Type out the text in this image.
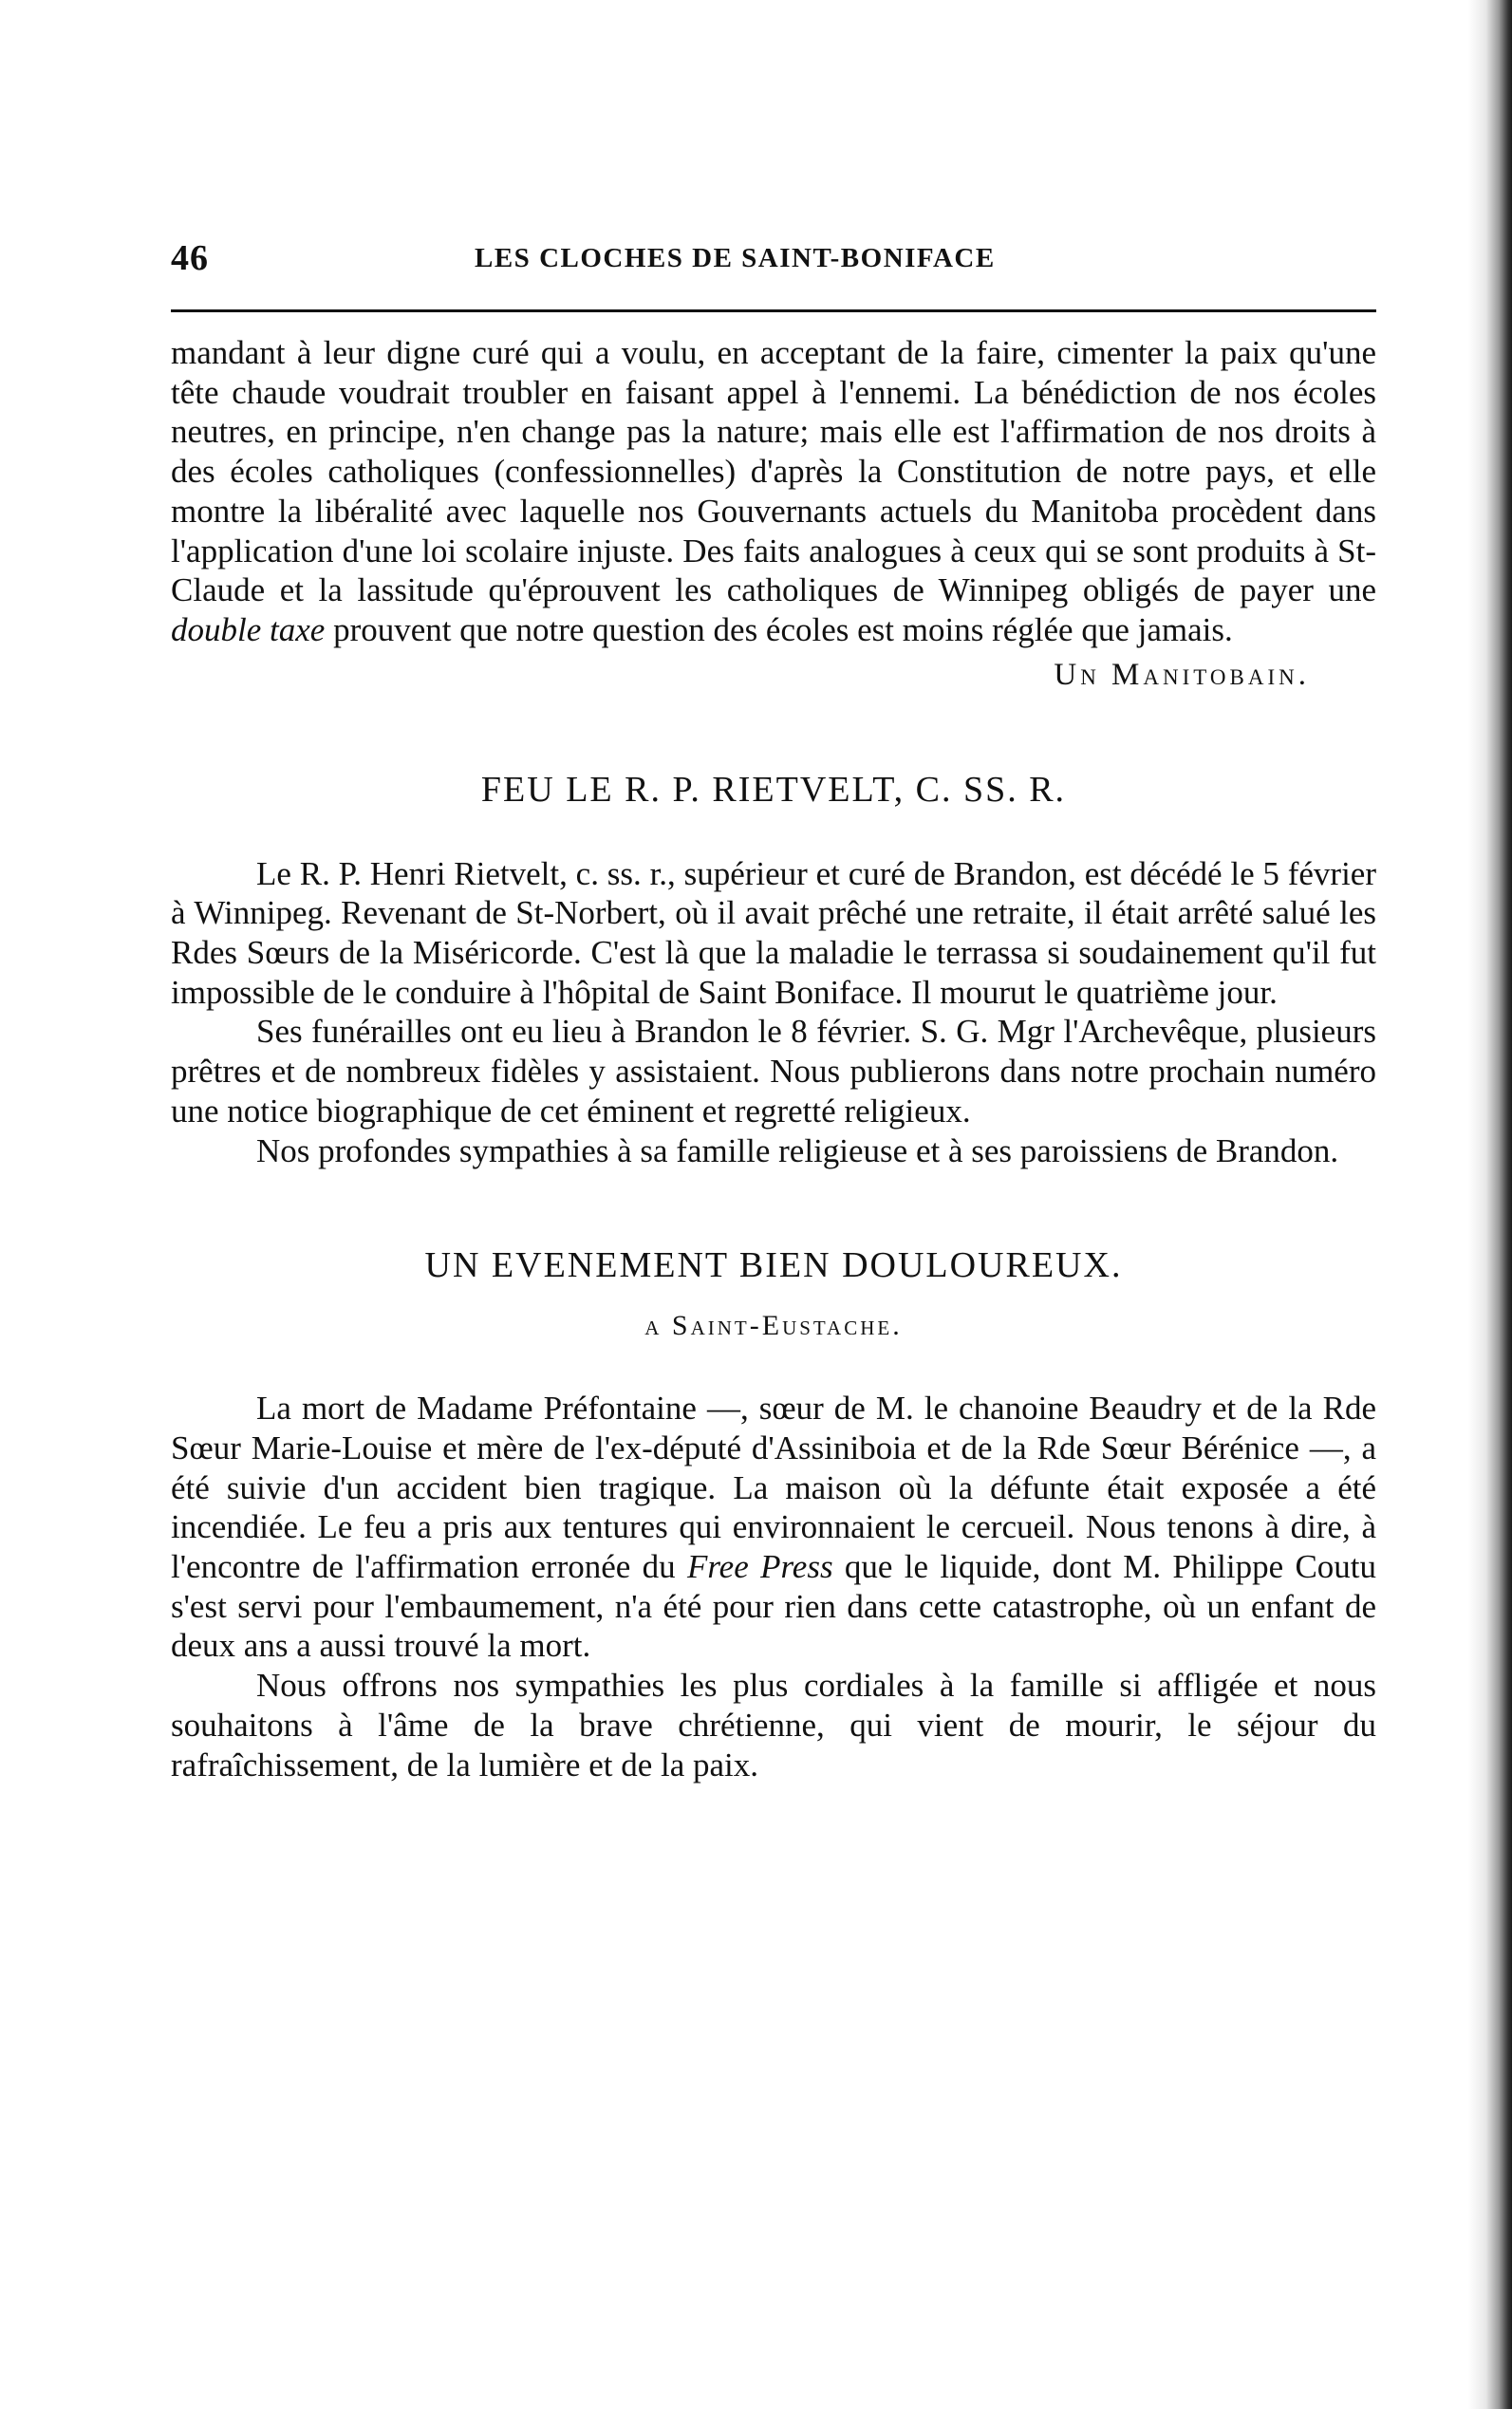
46	LES CLOCHES DE SAINT-BONIFACE

mandant à leur digne curé qui a voulu, en acceptant de la faire, cimenter la paix qu'une tête chaude voudrait troubler en faisant appel à l'ennemi. La bénédiction de nos écoles neutres, en principe, n'en change pas la nature; mais elle est l'affirmation de nos droits à des écoles catholiques (confessionnelles) d'après la Constitution de notre pays, et elle montre la libéralité avec laquelle nos Gouvernants actuels du Manitoba procèdent dans l'application d'une loi scolaire injuste. Des faits analogues à ceux qui se sont produits à St-Claude et la lassitude qu'éprouvent les catholiques de Winnipeg obligés de payer une double taxe prouvent que notre question des écoles est moins réglée que jamais.

Un Manitobain.
FEU LE R. P. RIETVELT, C. SS. R.

Le R. P. Henri Rietvelt, c. ss. r., supérieur et curé de Brandon, est décédé le 5 février à Winnipeg. Revenant de St-Norbert, où il avait prêché une retraite, il était arrêté salué les Rdes Sœurs de la Miséricorde. C'est là que la maladie le terrassa si soudainement qu'il fut impossible de le conduire à l'hôpital de Saint Boniface. Il mourut le quatrième jour.

Ses funérailles ont eu lieu à Brandon le 8 février. S. G. Mgr l'Archevêque, plusieurs prêtres et de nombreux fidèles y assistaient. Nous publierons dans notre prochain numéro une notice biographique de cet éminent et regretté religieux.

Nos profondes sympathies à sa famille religieuse et à ses paroissiens de Brandon.

UN EVENEMENT BIEN DOULOUREUX.
a Saint-Eustache.

La mort de Madame Préfontaine —, sœur de M. le chanoine Beaudry et de la Rde Sœur Marie-Louise et mère de l'ex-député d'Assiniboia et de la Rde Sœur Bérénice —, a été suivie d'un accident bien tragique. La maison où la défunte était exposée a été incendiée. Le feu a pris aux tentures qui environnaient le cercueil. Nous tenons à dire, à l'encontre de l'affirmation erronée du Free Press que le liquide, dont M. Philippe Coutu s'est servi pour l'embaumement, n'a été pour rien dans cette catastrophe, où un enfant de deux ans a aussi trouvé la mort.

Nous offrons nos sympathies les plus cordiales à la famille si affligée et nous souhaitons à l'âme de la brave chrétienne, qui vient de mourir, le séjour du rafraîchissement, de la lumière et de la paix.
